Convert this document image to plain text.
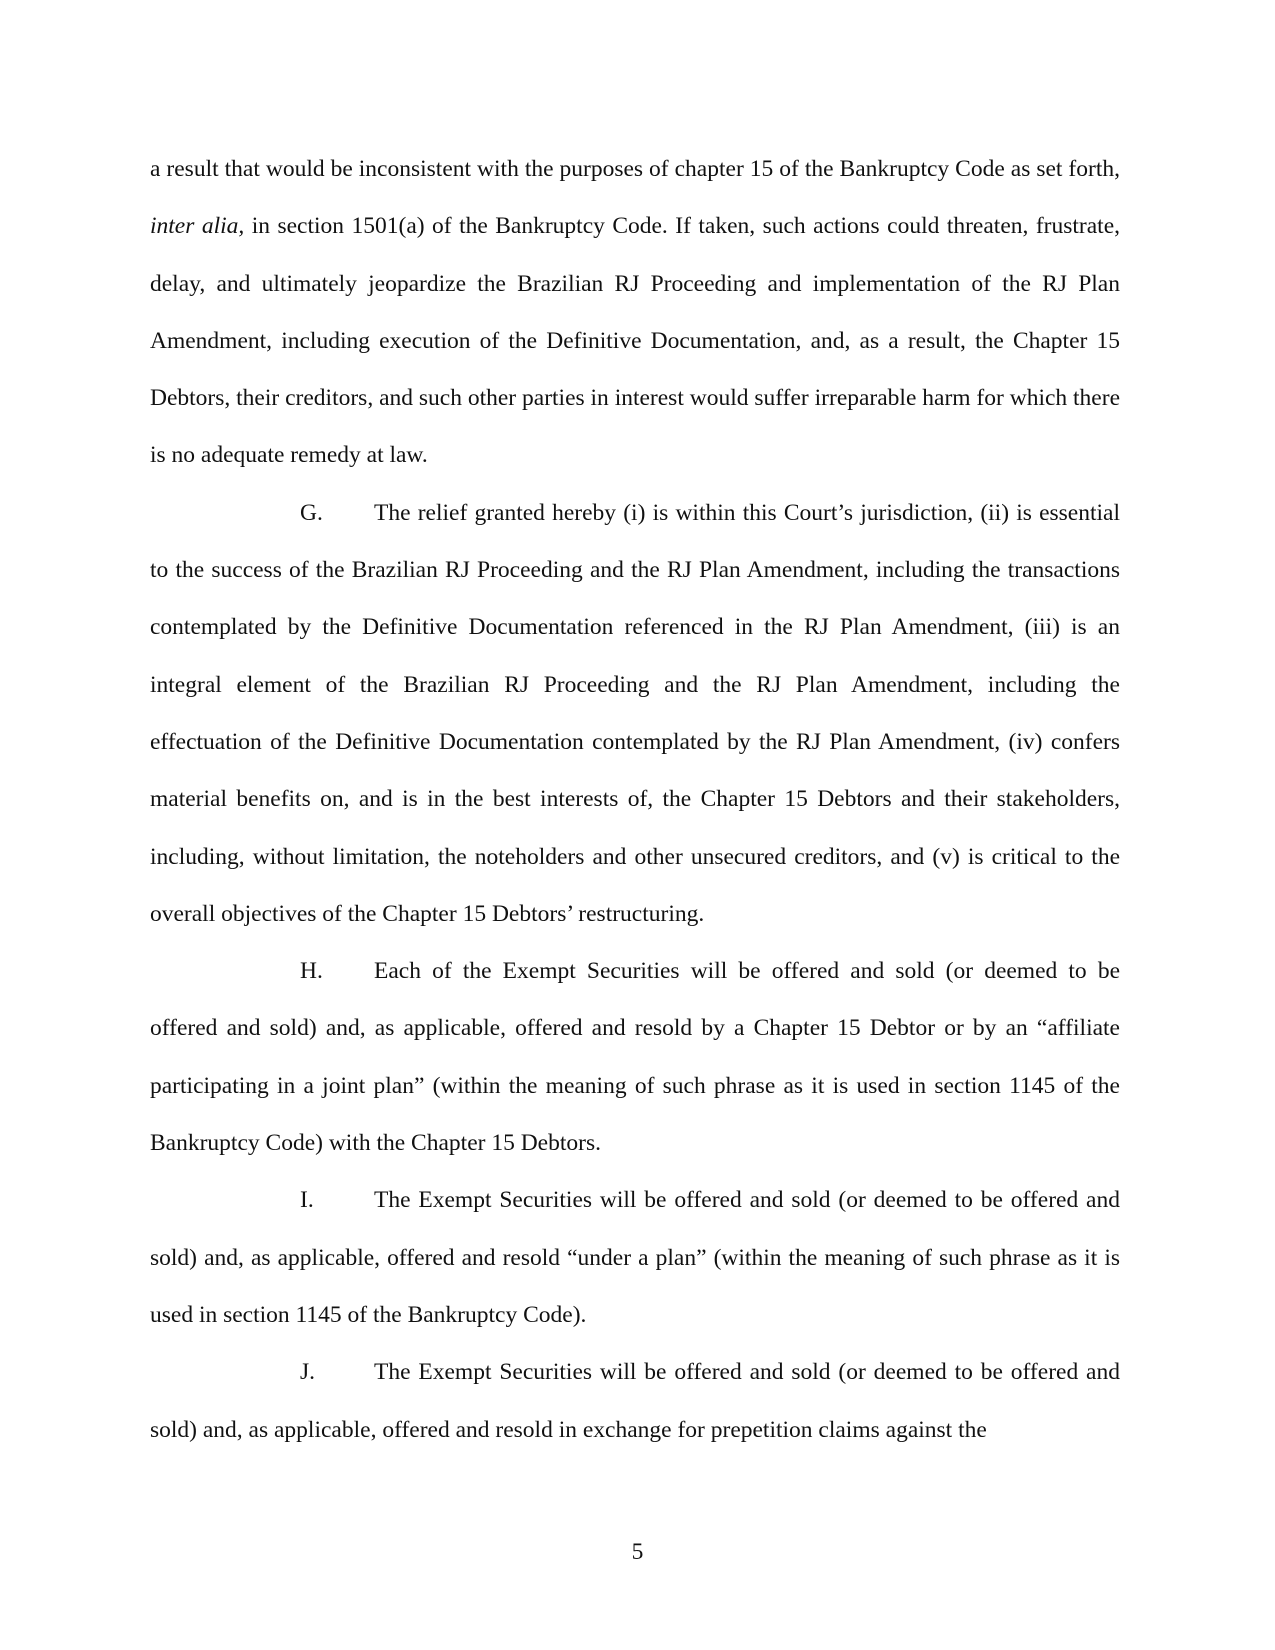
a result that would be inconsistent with the purposes of chapter 15 of the Bankruptcy Code as set forth, inter alia, in section 1501(a) of the Bankruptcy Code. If taken, such actions could threaten, frustrate, delay, and ultimately jeopardize the Brazilian RJ Proceeding and implementation of the RJ Plan Amendment, including execution of the Definitive Documentation, and, as a result, the Chapter 15 Debtors, their creditors, and such other parties in interest would suffer irreparable harm for which there is no adequate remedy at law.

G. The relief granted hereby (i) is within this Court’s jurisdiction, (ii) is essential to the success of the Brazilian RJ Proceeding and the RJ Plan Amendment, including the transactions contemplated by the Definitive Documentation referenced in the RJ Plan Amendment, (iii) is an integral element of the Brazilian RJ Proceeding and the RJ Plan Amendment, including the effectuation of the Definitive Documentation contemplated by the RJ Plan Amendment, (iv) confers material benefits on, and is in the best interests of, the Chapter 15 Debtors and their stakeholders, including, without limitation, the noteholders and other unsecured creditors, and (v) is critical to the overall objectives of the Chapter 15 Debtors’ restructuring.

H. Each of the Exempt Securities will be offered and sold (or deemed to be offered and sold) and, as applicable, offered and resold by a Chapter 15 Debtor or by an “affiliate participating in a joint plan” (within the meaning of such phrase as it is used in section 1145 of the Bankruptcy Code) with the Chapter 15 Debtors.

I.	The Exempt Securities will be offered and sold (or deemed to be offered and sold) and, as applicable, offered and resold “under a plan” (within the meaning of such phrase as it is used in section 1145 of the Bankruptcy Code).

J.	The Exempt Securities will be offered and sold (or deemed to be offered and sold) and, as applicable, offered and resold in exchange for prepetition claims against the

5
